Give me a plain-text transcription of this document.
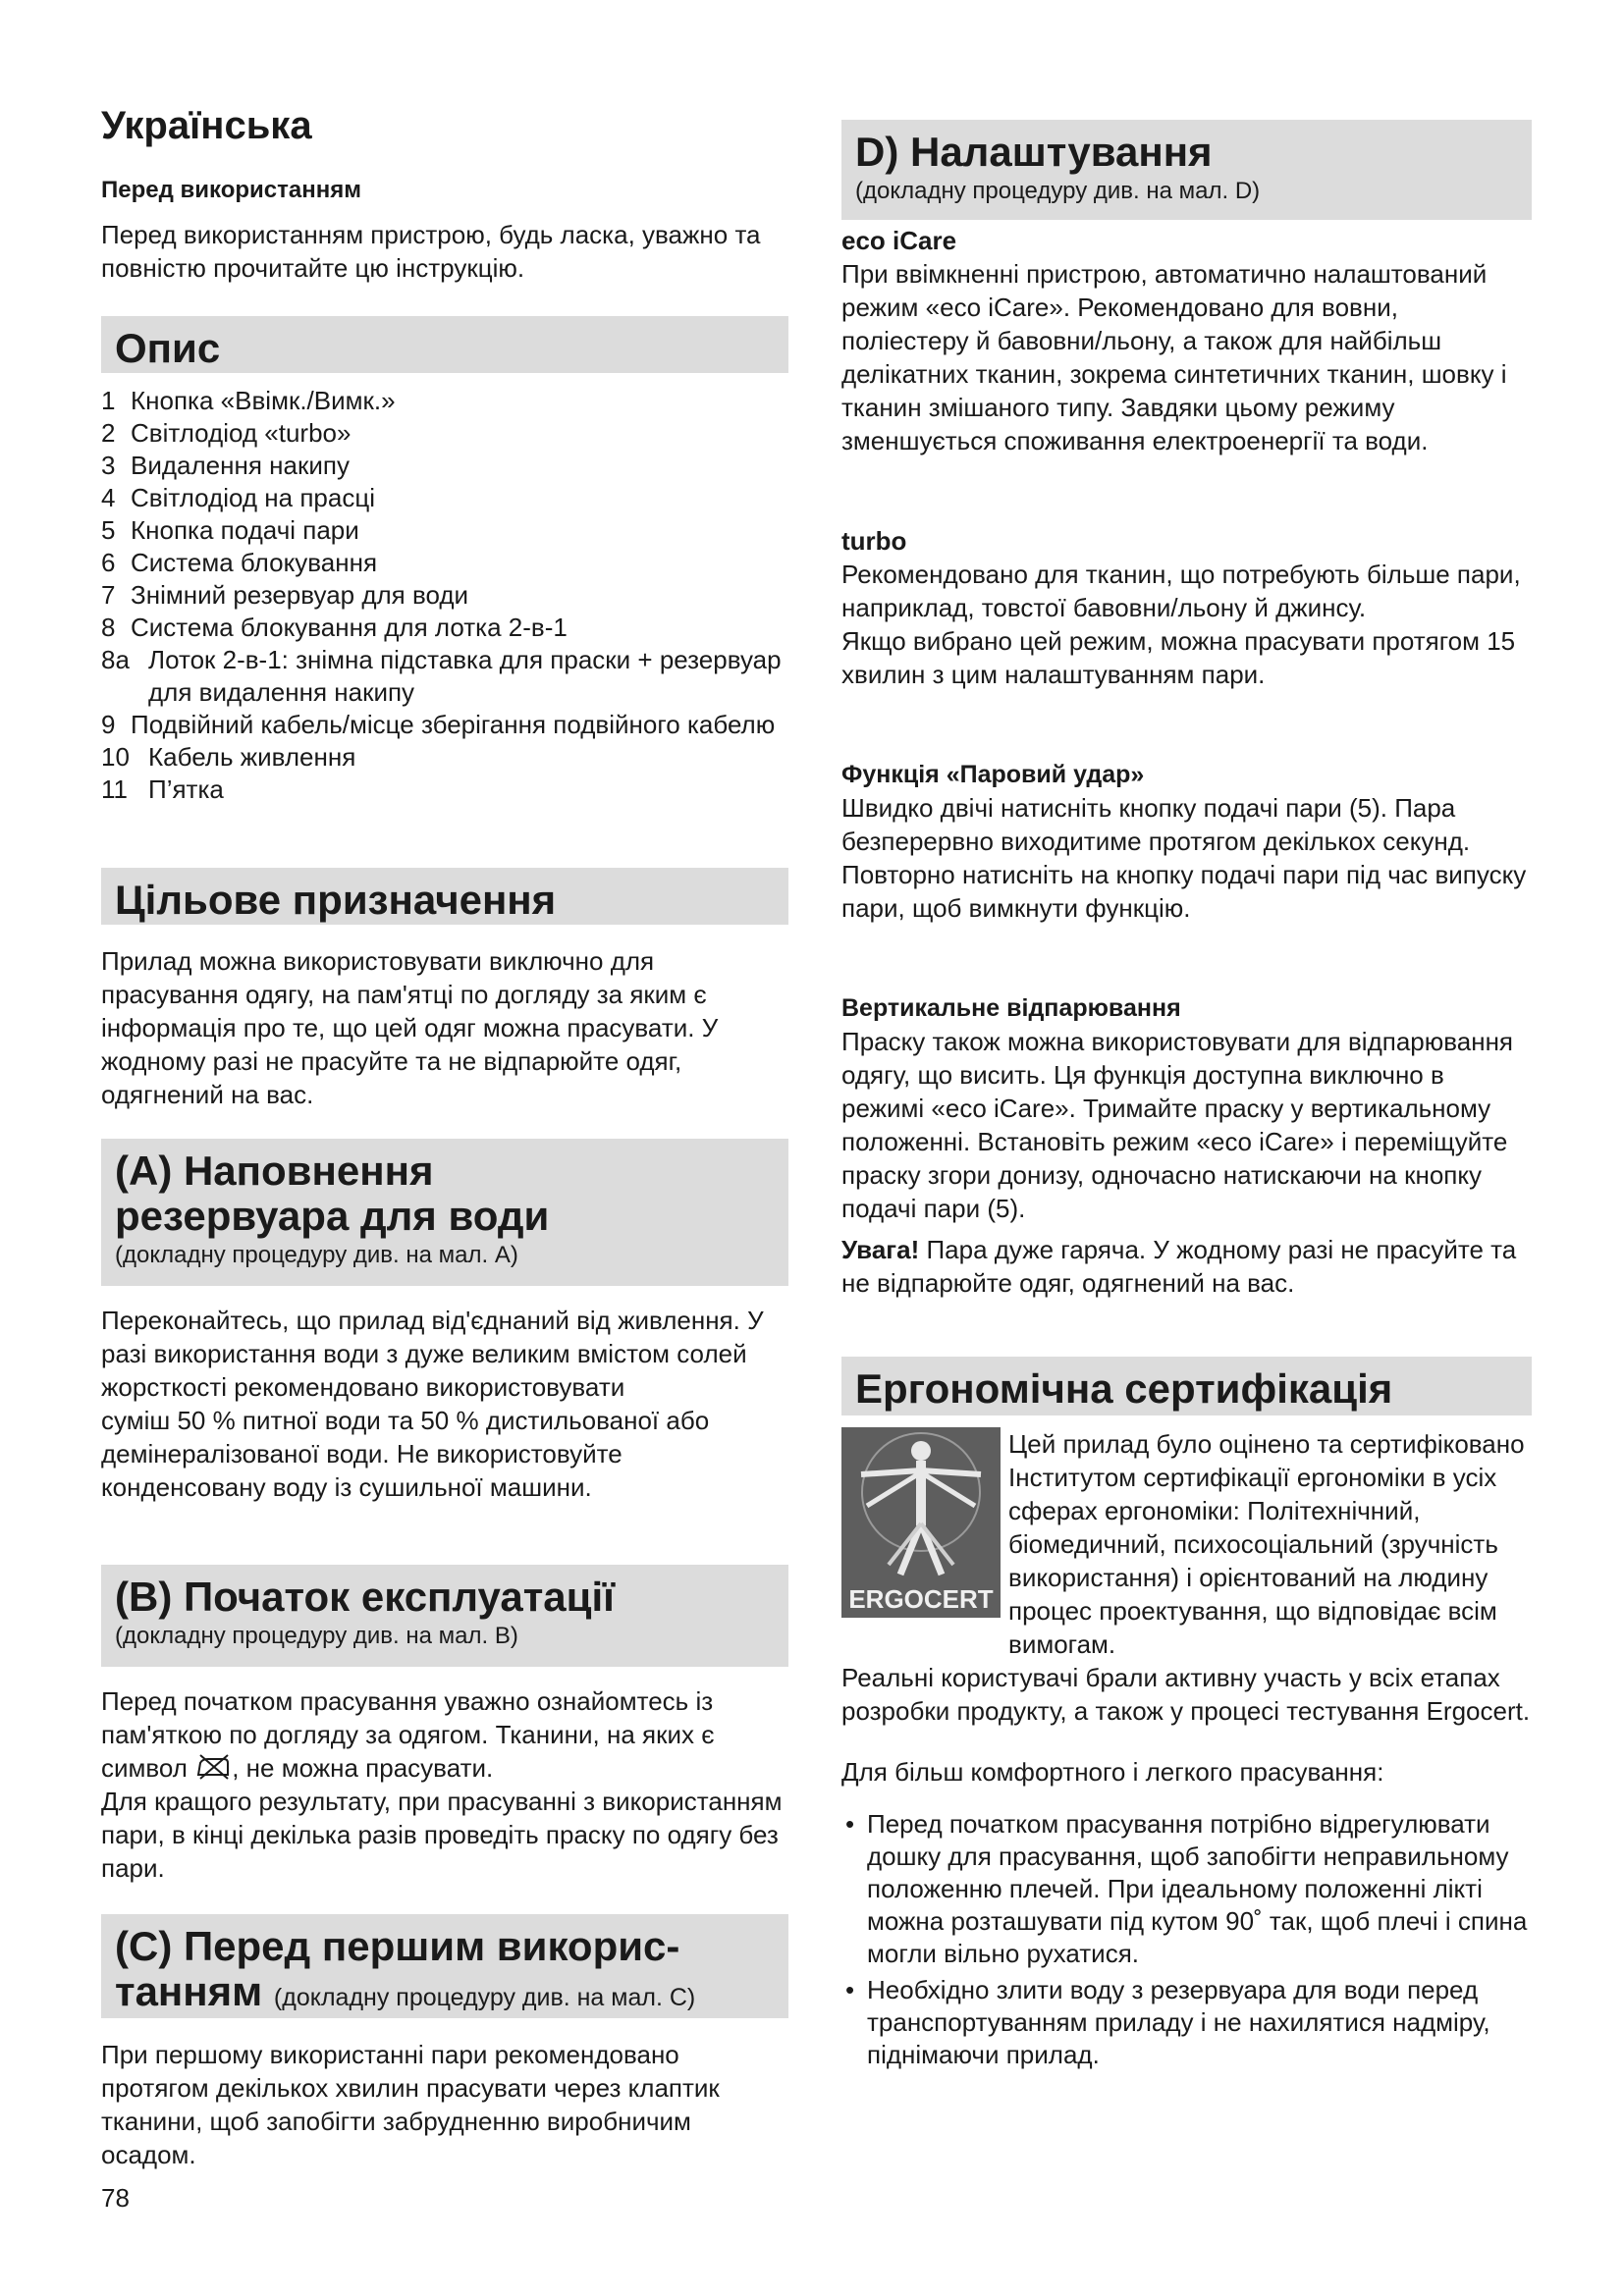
Українська
Перед використанням

Перед використанням пристрою, будь ласка, уважно та повністю прочитайте цю інструкцію.

Опис
1 Кнопка «Ввімк./Вимк.»
2 Світлодіод «turbo»
3 Видалення накипу
4 Світлодіод на прасці
5 Кнопка подачі пари
6 Система блокування
7 Знімний резервуар для води
8 Система блокування для лотка 2-в-1
8a Лоток 2-в-1: знімна підставка для праски + резервуар для видалення накипу
9 Подвійний кабель/місце зберігання подвійного кабелю
10 Кабель живлення
11 П’ятка
Цільове призначення

Прилад можна використовувати виключно для прасування одягу, на пам'ятці по догляду за яким є інформація про те, що цей одяг можна прасувати. У жодному разі не прасуйте та не відпарюйте одяг, одягнений на вас.

(A) Наповнення
резервуара для води
(докладну процедуру див. на мал. A)

Переконайтесь, що прилад від'єднаний від живлення. У разі використання води з дуже великим вмістом солей жорсткості рекомендовано використовувати

суміш 50 % питної води та 50 % дистильованої або демінералізованої води. Не використовуйте конденсовану воду із сушильної машини.

(B) Початок експлуатації
(докладну процедуру див. на мал. B)

Перед початком прасування уважно ознайомтесь із пам'яткою по догляду за одягом. Тканини, на яких є символ , не можна прасувати.

Для кращого результату, при прасуванні з використанням пари, в кінці декілька разів проведіть праску по одягу без пари.

(C) Перед першим викорис-
танням (докладну процедуру див. на мал. C)

При першому використанні пари рекомендовано протягом декількох хвилин прасувати через клаптик тканини, щоб запобігти забрудненню виробничим осадом.

78
D) Налаштування
(докладну процедуру див. на мал. D)
eco iCare

При ввімкненні пристрою, автоматично налаштований режим «eco iCare». Рекомендовано для вовни, поліестеру й бавовни/льону, а також для найбільш делікатних тканин, зокрема синтетичних тканин, шовку і тканин змішаного типу. Завдяки цьому режиму зменшується споживання електроенергії та води.

turbo

Рекомендовано для тканин, що потребують більше пари, наприклад, товстої бавовни/льону й джинсу.

Якщо вибрано цей режим, можна прасувати протягом 15 хвилин з цим налаштуванням пари.

Функція «Паровий удар»

Швидко двічі натисніть кнопку подачі пари (5). Пара безперервно виходитиме протягом декількох секунд. Повторно натисніть на кнопку подачі пари під час випуску пари, щоб вимкнути функцію.

Вертикальне відпарювання

Праску також можна використовувати для відпарювання одягу, що висить. Ця функція доступна виключно в режимі «eco iCare». Тримайте праску у вертикальному положенні. Встановіть режим «eco iCare» і переміщуйте праску згори донизу, одночасно натискаючи на кнопку подачі пари (5).

Увага! Пара дуже гаряча. У жодному разі не прасуйте та не відпарюйте одяг, одягнений на вас.

Ергономічна сертифікація
ERGOCERT

Цей прилад було оцінено та сертифіковано Інститутом сертифікації ергономіки в усіх сферах ергономіки: Політехнічний, біомедичний, психосоціальний (зручність використання) і орієнтований на людину процес проектування, що відповідає всім вимогам.

Реальні користувачі брали активну участь у всіх етапах розробки продукту, а також у процесі тестування Ergocert.

Для більш комфортного і легкого прасування:

• Перед початком прасування потрібно відрегулювати дошку для прасування, щоб запобігти неправильному положенню плечей. При ідеальному положенні лікті можна розташувати під кутом 90˚ так, щоб плечі і спина могли вільно рухатися.
• Необхідно злити воду з резервуара для води перед транспортуванням приладу і не нахилятися надміру, піднімаючи прилад.
